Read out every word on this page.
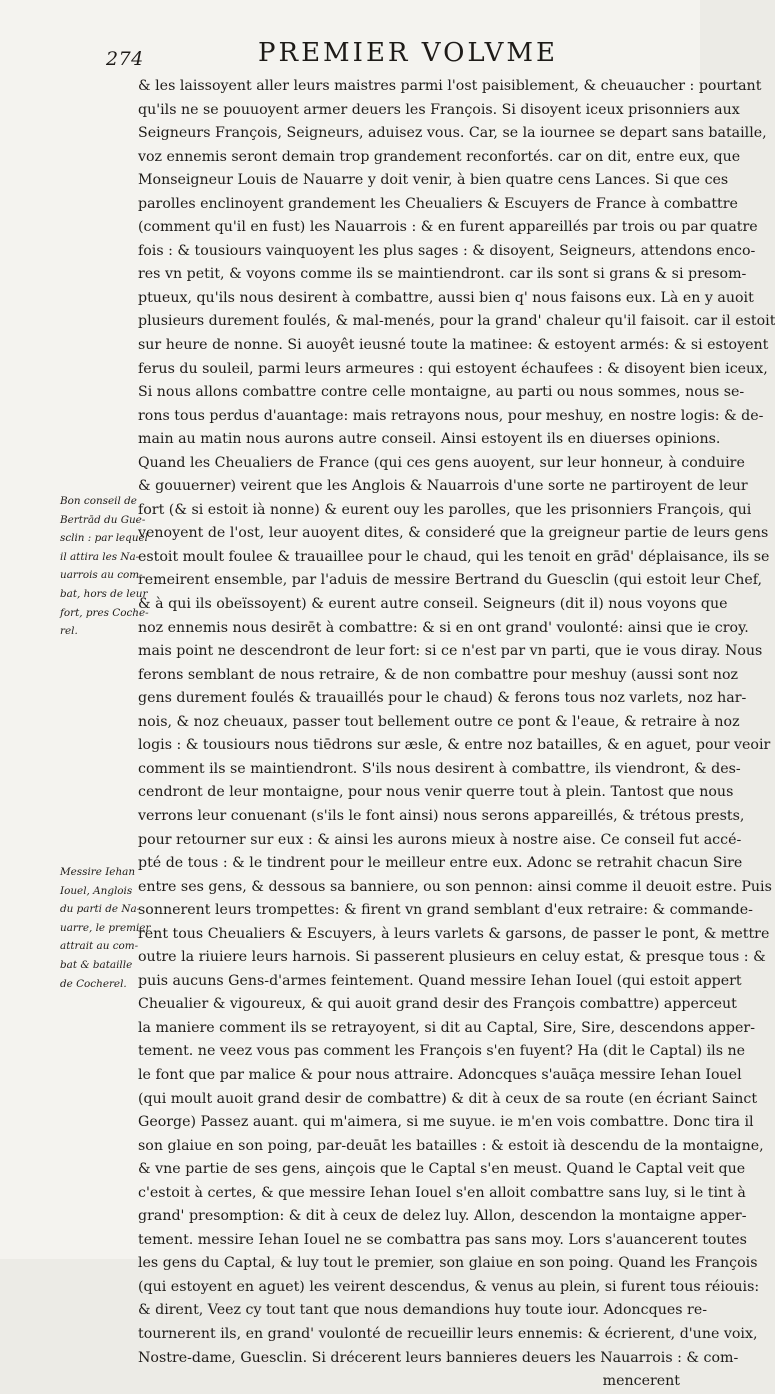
274	PREMIER VOLVME
Bon conseil de
Bertrād du Gue-
sclin : par lequel
il attira les Na-
uarrois au com-
bat, hors de leur
fort, pres Coche-
rel.
Messire Iehan
Iouel, Anglois
du parti de Na-
uarre, le premier
attrait au com-
bat & bataille
de Cocherel.
& les laissoyent aller leurs maistres parmi l'ost paisiblement, & cheuaucher : pourtant
qu'ils ne se pouuoyent armer deuers les François. Si disoyent iceux prisonniers aux
Seigneurs François, Seigneurs, aduisez vous. Car, se la iournee se depart sans bataille,
voz ennemis seront demain trop grandement reconfortés. car on dit, entre eux, que
Monseigneur Louis de Nauarre y doit venir, à bien quatre cens Lances. Si que ces
parolles enclinoyent grandement les Cheualiers & Escuyers de France à combattre
(comment qu'il en fust) les Nauarrois : & en furent appareillés par trois ou par quatre
fois : & tousiours vainquoyent les plus sages : & disoyent, Seigneurs, attendons enco-
res vn petit, & voyons comme ils se maintiendront. car ils sont si grans & si presom-
ptueux, qu'ils nous desirent à combattre, aussi bien q' nous faisons eux. Là en y auoit
plusieurs durement foulés, & mal-menés, pour la grand' chaleur qu'il faisoit. car il estoit
sur heure de nonne. Si auoyêt ieusné toute la matinee: & estoyent armés: & si estoyent
ferus du souleil, parmi leurs armeures : qui estoyent échaufees : & disoyent bien iceux,
Si nous allons combattre contre celle montaigne, au parti ou nous sommes, nous se-
rons tous perdus d'auantage: mais retrayons nous, pour meshuy, en nostre logis: & de-
main au matin nous aurons autre conseil. Ainsi estoyent ils en diuerses opinions.
Quand les Cheualiers de France (qui ces gens auoyent, sur leur honneur, à conduire
& gouuerner) veirent que les Anglois & Nauarrois d'une sorte ne partiroyent de leur
fort (& si estoit ià nonne) & eurent ouy les parolles, que les prisonniers François, qui
venoyent de l'ost, leur auoyent dites, & consideré que la greigneur partie de leurs gens
estoit moult foulee & trauaillee pour le chaud, qui les tenoit en grād' déplaisance, ils se
remeirent ensemble, par l'aduis de messire Bertrand du Guesclin (qui estoit leur Chef,
& à qui ils obeïssoyent) & eurent autre conseil. Seigneurs (dit il) nous voyons que
noz ennemis nous desirēt à combattre: & si en ont grand' voulonté: ainsi que ie croy.
mais point ne descendront de leur fort: si ce n'est par vn parti, que ie vous diray. Nous
ferons semblant de nous retraire, & de non combattre pour meshuy (aussi sont noz
gens durement foulés & trauaillés pour le chaud) & ferons tous noz varlets, noz har-
nois, & noz cheuaux, passer tout bellement outre ce pont & l'eaue, & retraire à noz
logis : & tousiours nous tiēdrons sur æsle, & entre noz batailles, & en aguet, pour veoir
comment ils se maintiendront. S'ils nous desirent à combattre, ils viendront, & des-
cendront de leur montaigne, pour nous venir querre tout à plein. Tantost que nous
verrons leur conuenant (s'ils le font ainsi) nous serons appareillés, & trétous prests,
pour retourner sur eux : & ainsi les aurons mieux à nostre aise. Ce conseil fut accé-
pté de tous : & le tindrent pour le meilleur entre eux. Adonc se retrahit chacun Sire
entre ses gens, & dessous sa banniere, ou son pennon: ainsi comme il deuoit estre. Puis
sonnerent leurs trompettes: & firent vn grand semblant d'eux retraire: & commande-
rent tous Cheualiers & Escuyers, à leurs varlets & garsons, de passer le pont, & mettre
outre la riuiere leurs harnois. Si passerent plusieurs en celuy estat, & presque tous : &
puis aucuns Gens-d'armes feintement. Quand messire Iehan Iouel (qui estoit appert
Cheualier & vigoureux, & qui auoit grand desir des François combattre) apperceut
la maniere comment ils se retrayoyent, si dit au Captal, Sire, Sire, descendons apper-
tement. ne veez vous pas comment les François s'en fuyent? Ha (dit le Captal) ils ne
le font que par malice & pour nous attraire. Adoncques s'auāça messire Iehan Iouel
(qui moult auoit grand desir de combattre) & dit à ceux de sa route (en écriant Sainct
George) Passez auant. qui m'aimera, si me suyue. ie m'en vois combattre. Donc tira il
son glaiue en son poing, par-deuāt les batailles : & estoit ià descendu de la montaigne,
& vne partie de ses gens, ainçois que le Captal s'en meust. Quand le Captal veit que
c'estoit à certes, & que messire Iehan Iouel s'en alloit combattre sans luy, si le tint à
grand' presomption: & dit à ceux de delez luy. Allon, descendon la montaigne apper-
tement. messire Iehan Iouel ne se combattra pas sans moy. Lors s'auancerent toutes
les gens du Captal, & luy tout le premier, son glaiue en son poing. Quand les François
(qui estoyent en aguet) les veirent descendus, & venus au plein, si furent tous réiouis:
& dirent, Veez cy tout tant que nous demandions huy toute iour. Adoncques re-
tournerent ils, en grand' voulonté de recueillir leurs ennemis: & écrierent, d'une voix,
Nostre-dame, Guesclin. Si drécerent leurs bannieres deuers les Nauarrois : & com-
mencerent
